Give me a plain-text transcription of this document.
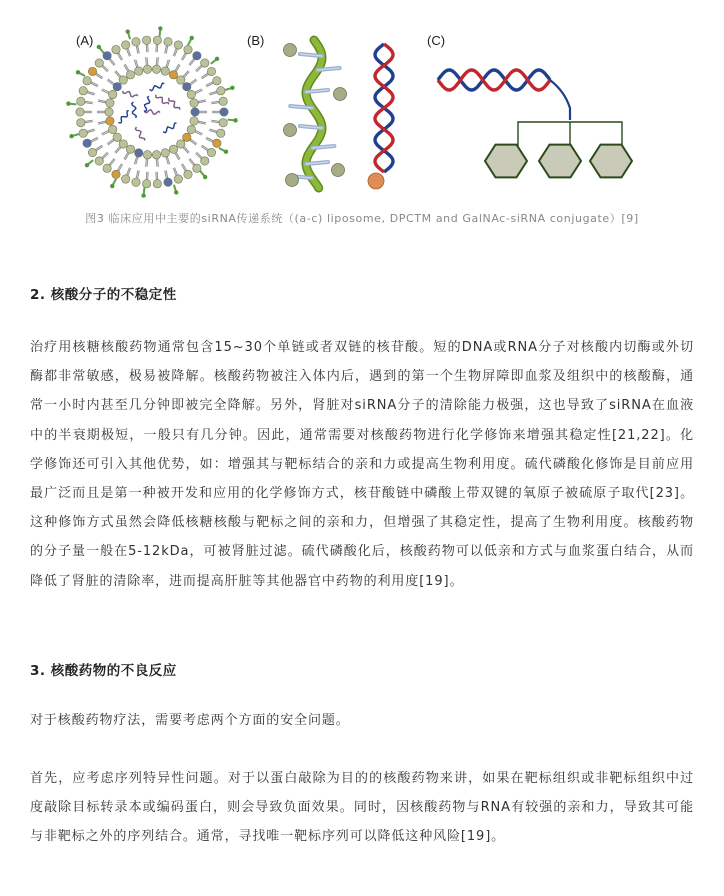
(A)	(B)	(C)
图3 临床应用中主要的siRNA传递系统（(a-c) liposome, DPCTM and GalNAc-siRNA conjugate）[9]
2. 核酸分子的不稳定性

治疗用核糖核酸药物通常包含15~30个单链或者双链的核苷酸。短的DNA或RNA分子对核酸内切酶或外切酶都非常敏感，极易被降解。核酸药物被注入体内后，遇到的第一个生物屏障即血浆及组织中的核酸酶，通常一小时内甚至几分钟即被完全降解。另外，肾脏对siRNA分子的清除能力极强，这也导致了siRNA在血液中的半衰期极短，一般只有几分钟。因此，通常需要对核酸药物进行化学修饰来增强其稳定性[21,22]。化学修饰还可引入其他优势，如：增强其与靶标结合的亲和力或提高生物利用度。硫代磷酸化修饰是目前应用最广泛而且是第一种被开发和应用的化学修饰方式，核苷酸链中磷酸上带双键的氧原子被硫原子取代[23]。这种修饰方式虽然会降低核糖核酸与靶标之间的亲和力，但增强了其稳定性，提高了生物利用度。核酸药物的分子量一般在5-12kDa，可被肾脏过滤。硫代磷酸化后，核酸药物可以低亲和方式与血浆蛋白结合，从而降低了肾脏的清除率，进而提高肝脏等其他器官中药物的利用度[19]。

3. 核酸药物的不良反应

对于核酸药物疗法，需要考虑两个方面的安全问题。

首先，应考虑序列特异性问题。对于以蛋白敲除为目的的核酸药物来讲，如果在靶标组织或非靶标组织中过度敲除目标转录本或编码蛋白，则会导致负面效果。同时，因核酸药物与RNA有较强的亲和力，导致其可能与非靶标之外的序列结合。通常，寻找唯一靶标序列可以降低这种风险[19]。
